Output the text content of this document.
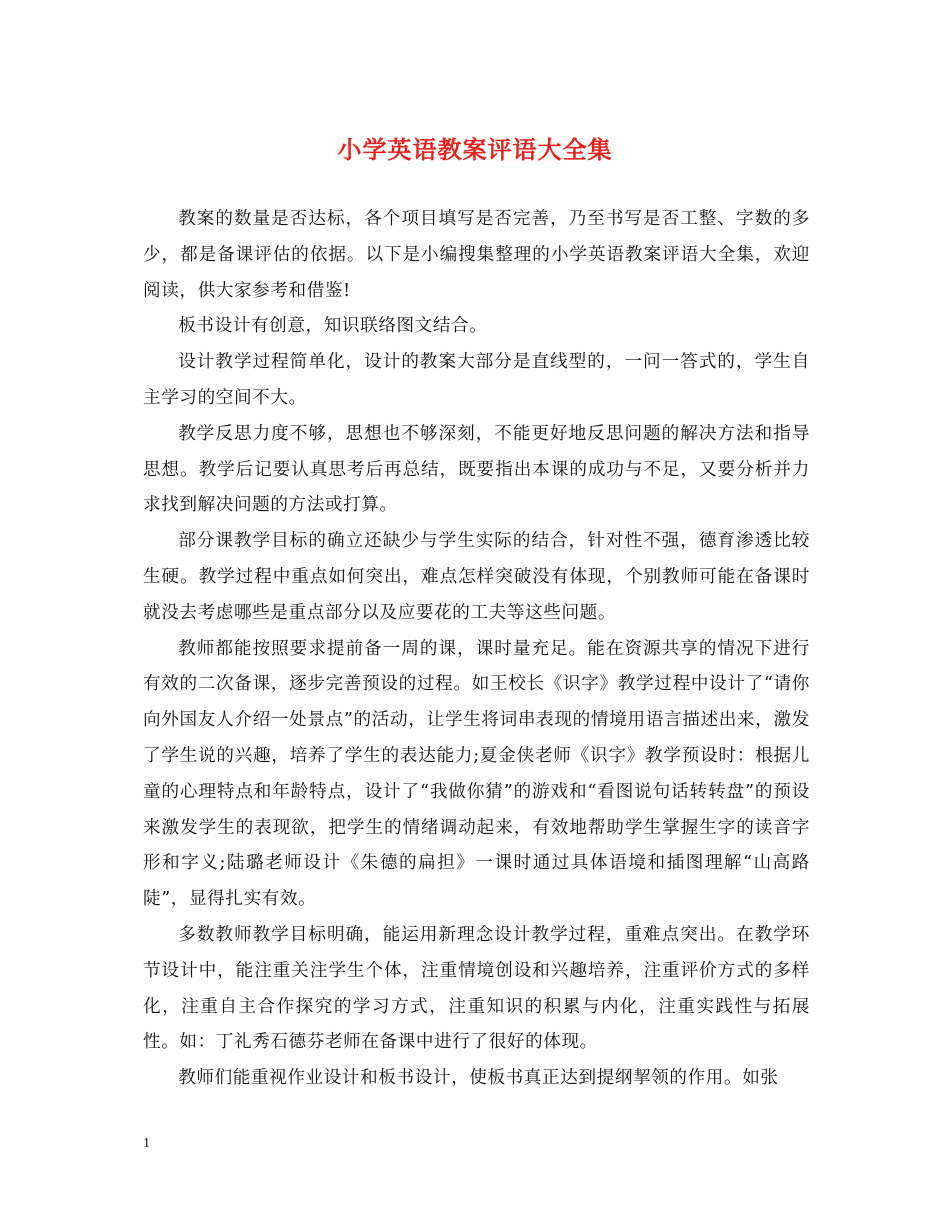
小学英语教案评语大全集

教案的数量是否达标，各个项目填写是否完善，乃至书写是否工整、字数的多少，都是备课评估的依据。以下是小编搜集整理的小学英语教案评语大全集，欢迎阅读，供大家参考和借鉴!

板书设计有创意，知识联络图文结合。

设计教学过程简单化，设计的教案大部分是直线型的，一问一答式的，学生自主学习的空间不大。

教学反思力度不够，思想也不够深刻，不能更好地反思问题的解决方法和指导思想。教学后记要认真思考后再总结，既要指出本课的成功与不足，又要分析并力求找到解决问题的方法或打算。

部分课教学目标的确立还缺少与学生实际的结合，针对性不强，德育渗透比较生硬。教学过程中重点如何突出，难点怎样突破没有体现，个别教师可能在备课时就没去考虑哪些是重点部分以及应要花的工夫等这些问题。

教师都能按照要求提前备一周的课，课时量充足。能在资源共享的情况下进行有效的二次备课，逐步完善预设的过程。如王校长《识字》教学过程中设计了“请你向外国友人介绍一处景点”的活动，让学生将词串表现的情境用语言描述出来，激发了学生说的兴趣，培养了学生的表达能力;夏金侠老师《识字》教学预设时：根据儿童的心理特点和年龄特点，设计了“我做你猜”的游戏和“看图说句话转转盘”的预设来激发学生的表现欲，把学生的情绪调动起来，有效地帮助学生掌握生字的读音字形和字义;陆璐老师设计《朱德的扁担》一课时通过具体语境和插图理解“山高路陡”，显得扎实有效。

多数教师教学目标明确，能运用新理念设计教学过程，重难点突出。在教学环节设计中，能注重关注学生个体，注重情境创设和兴趣培养，注重评价方式的多样化，注重自主合作探究的学习方式，注重知识的积累与内化，注重实践性与拓展性。如：丁礼秀石德芬老师在备课中进行了很好的体现。

教师们能重视作业设计和板书设计，使板书真正达到提纲挈领的作用。如张

1
